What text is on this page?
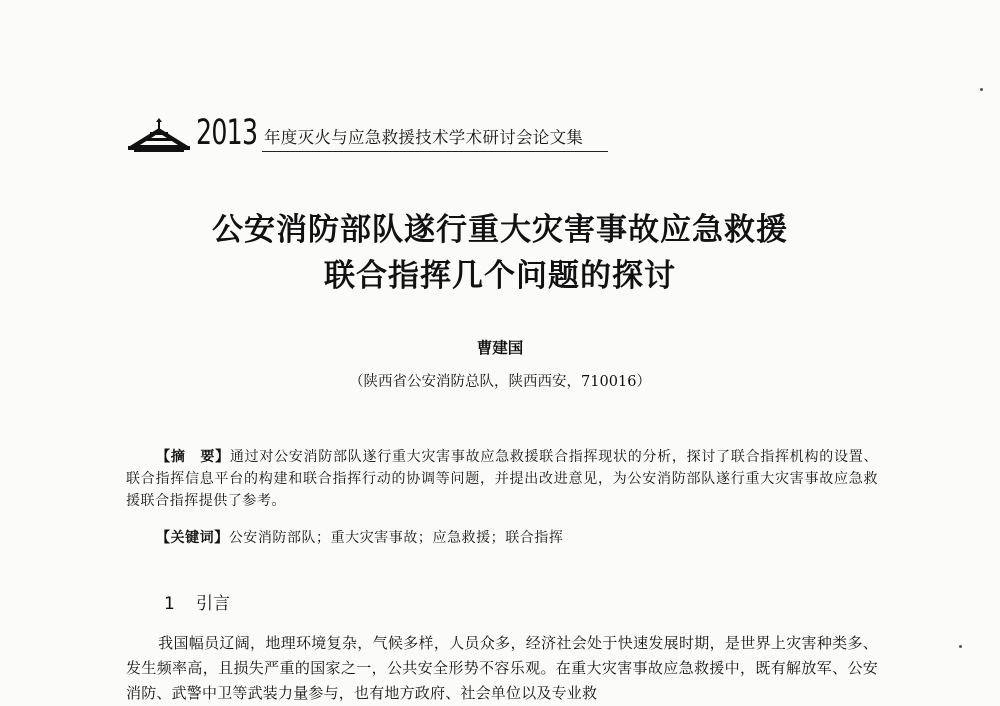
2013 年度灭火与应急救援技术学术研讨会论文集
公安消防部队遂行重大灾害事故应急救援
联合指挥几个问题的探讨
曹建国
（陕西省公安消防总队，陕西西安，710016）
【摘　要】通过对公安消防部队遂行重大灾害事故应急救援联合指挥现状的分析，探讨了联合指挥机构的设置、联合指挥信息平台的构建和联合指挥行动的协调等问题，并提出改进意见，为公安消防部队遂行重大灾害事故应急救援联合指挥提供了参考。
【关键词】公安消防部队；重大灾害事故；应急救援；联合指挥
1 引言
我国幅员辽阔，地理环境复杂，气候多样，人员众多，经济社会处于快速发展时期，是世界上灾害种类多、发生频率高，且损失严重的国家之一，公共安全形势不容乐观。在重大灾害事故应急救援中，既有解放军、公安消防、武警中卫等武装力量参与，也有地方政府、社会单位以及专业救
